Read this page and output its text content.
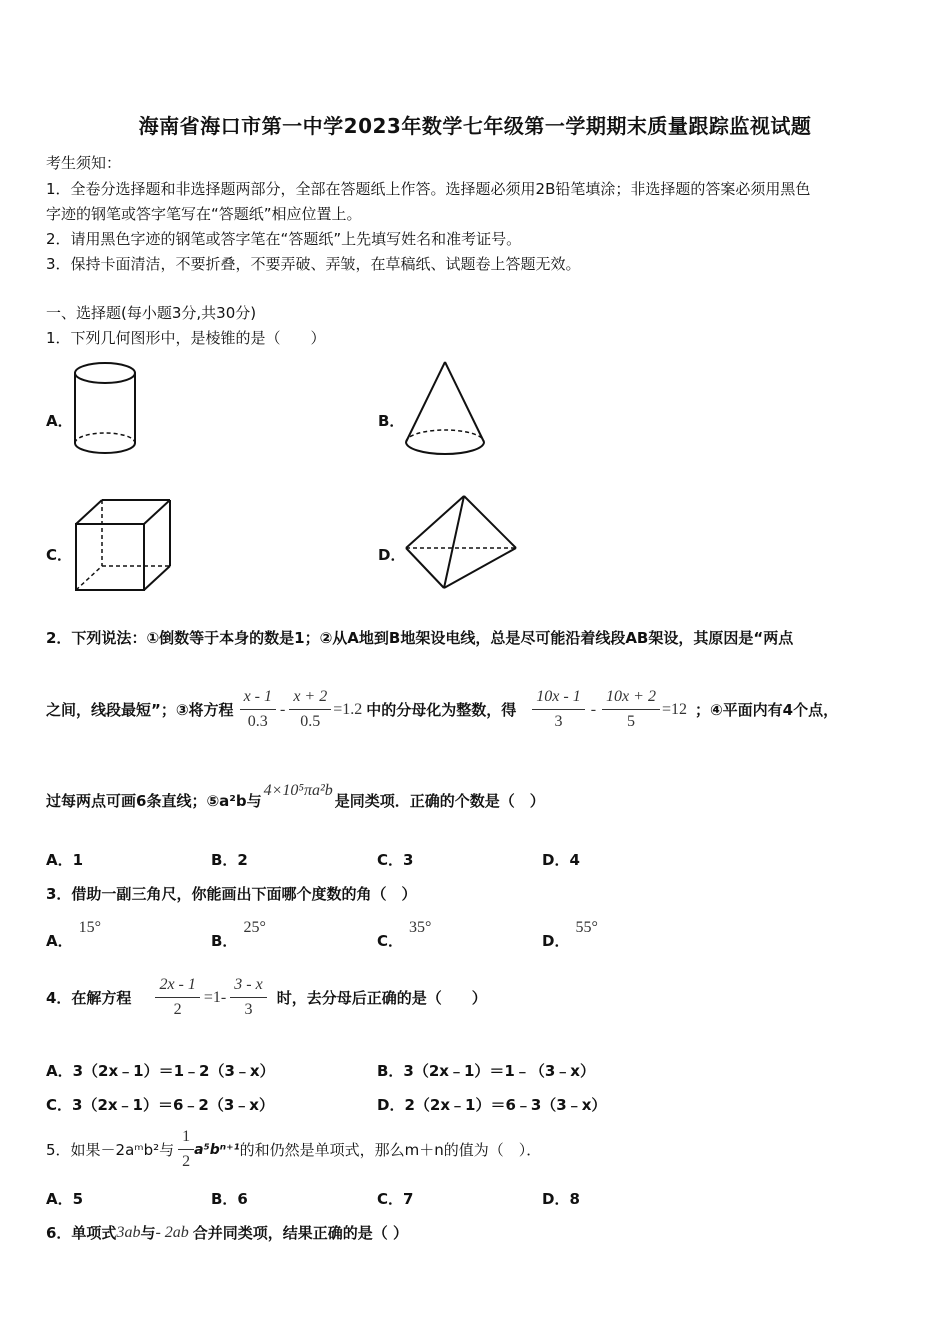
海南省海口市第一中学2023年数学七年级第一学期期末质量跟踪监视试题
考生须知：
1．全卷分选择题和非选择题两部分，全部在答题纸上作答。选择题必须用2B铅笔填涂；非选择题的答案必须用黑色
字迹的钢笔或答字笔写在“答题纸”相应位置上。
2．请用黑色字迹的钢笔或答字笔在“答题纸”上先填写姓名和准考证号。
3．保持卡面清洁，不要折叠，不要弄破、弄皱，在草稿纸、试题卷上答题无效。
一、选择题(每小题3分,共30分)
1．下列几何图形中，是棱锥的是（　　）
A．	B．
C．	D．
2．下列说法：①倒数等于本身的数是1；②从A地到B地架设电线，总是尽可能沿着线段AB架设，其原因是“两点
之间，线段最短”；③将方程 $\frac{x - 1}{0.3} - \frac{x + 2}{0.5} =1.2$ 中的分母化为整数，得 $\frac{10x - 1}{3} - \frac{10x + 2}{5} =12$ ；④平面内有4个点，
过每两点可画6条直线；⑤ a²b 与
4×10⁵πa²b
是同类项．正确的个数是（　）
A．1	B．2	C．3	D．4
3．借助一副三角尺，你能画出下面哪个度数的角（　）
A．15°
B．25°
C．35°
D．55°
4．在解方程 $\frac{2x - 1}{2} =1- \frac{3 - x}{3}$ 时，去分母后正确的是（　　）
A．3（2x﹣1）＝1﹣2（3﹣x）	B．3（2x﹣1）＝1﹣（3﹣x）
C．3（2x﹣1）＝6﹣2（3﹣x）	D．2（2x﹣1）＝6﹣3（3﹣x）
5．如果－2aᵐb²与 $\frac{1}{2} a^5b^{n+1}$ 的和仍然是单项式，那么m＋n的值为（　）．
A．5	B．6	C．7	D．8
6．单项式 3ab 与 - 2ab 合并同类项，结果正确的是（ ）
